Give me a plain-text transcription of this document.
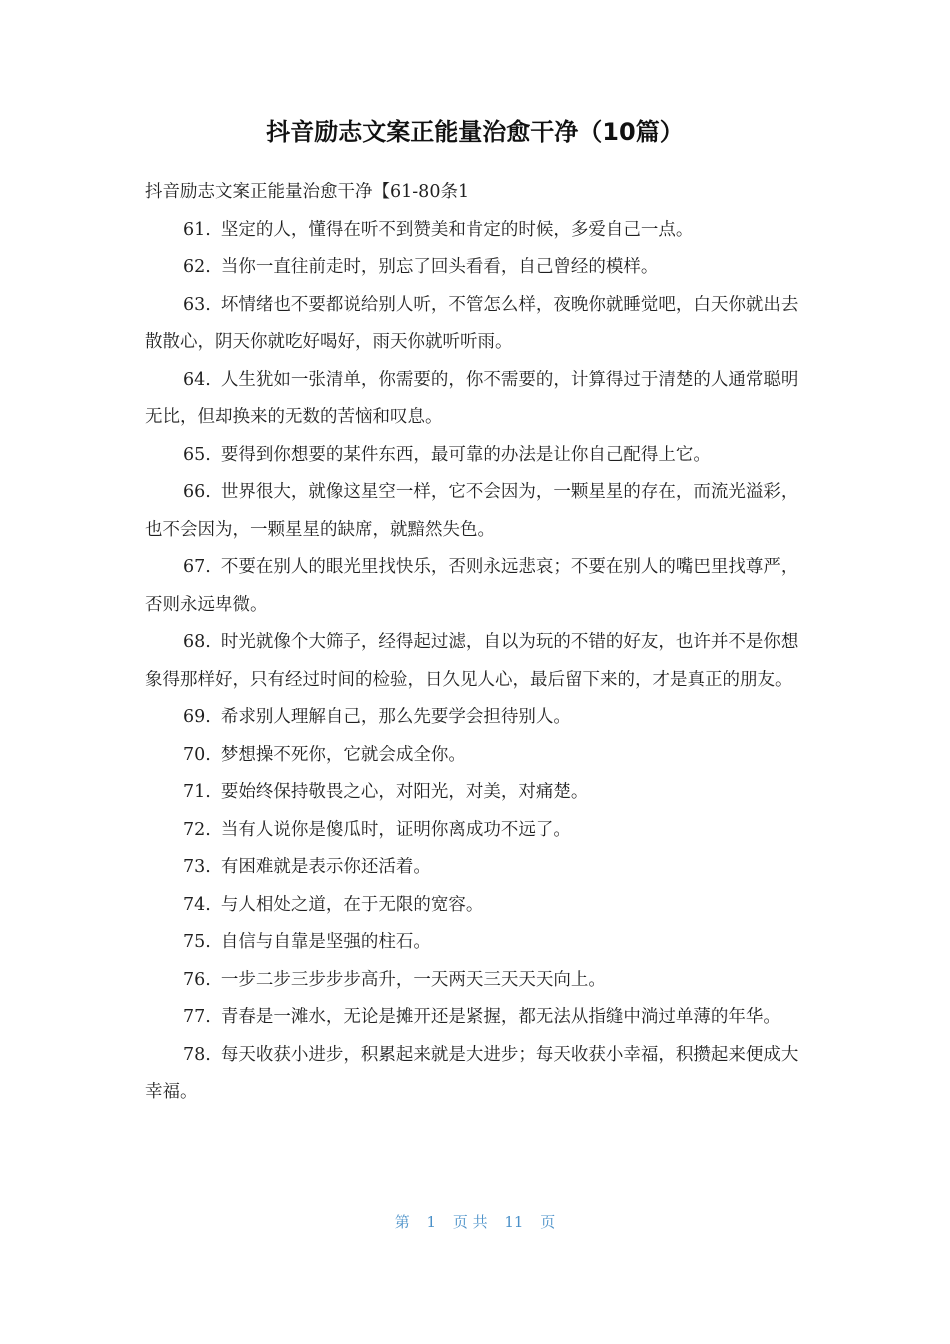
抖音励志文案正能量治愈干净（10篇）

抖音励志文案正能量治愈干净【61-80条1

61. 坚定的人，懂得在听不到赞美和肯定的时候，多爱自己一点。

62. 当你一直往前走时，别忘了回头看看，自己曾经的模样。

63. 坏情绪也不要都说给别人听，不管怎么样，夜晚你就睡觉吧，白天你就出去散散心，阴天你就吃好喝好，雨天你就听听雨。

64. 人生犹如一张清单，你需要的，你不需要的，计算得过于清楚的人通常聪明无比，但却换来的无数的苦恼和叹息。

65. 要得到你想要的某件东西，最可靠的办法是让你自己配得上它。

66. 世界很大，就像这星空一样，它不会因为，一颗星星的存在，而流光溢彩，也不会因为，一颗星星的缺席，就黯然失色。

67. 不要在别人的眼光里找快乐，否则永远悲哀；不要在别人的嘴巴里找尊严，否则永远卑微。

68. 时光就像个大筛子，经得起过滤，自以为玩的不错的好友，也许并不是你想象得那样好，只有经过时间的检验，日久见人心，最后留下来的，才是真正的朋友。

69. 希求别人理解自己，那么先要学会担待别人。

70. 梦想操不死你，它就会成全你。

71. 要始终保持敬畏之心，对阳光，对美，对痛楚。

72. 当有人说你是傻瓜时，证明你离成功不远了。

73. 有困难就是表示你还活着。

74. 与人相处之道，在于无限的宽容。

75. 自信与自靠是坚强的柱石。

76. 一步二步三步步步高升，一天两天三天天天向上。

77. 青春是一滩水，无论是摊开还是紧握，都无法从指缝中淌过单薄的年华。

78. 每天收获小进步，积累起来就是大进步；每天收获小幸福，积攒起来便成大幸福。

第 1 页 共 11 页
